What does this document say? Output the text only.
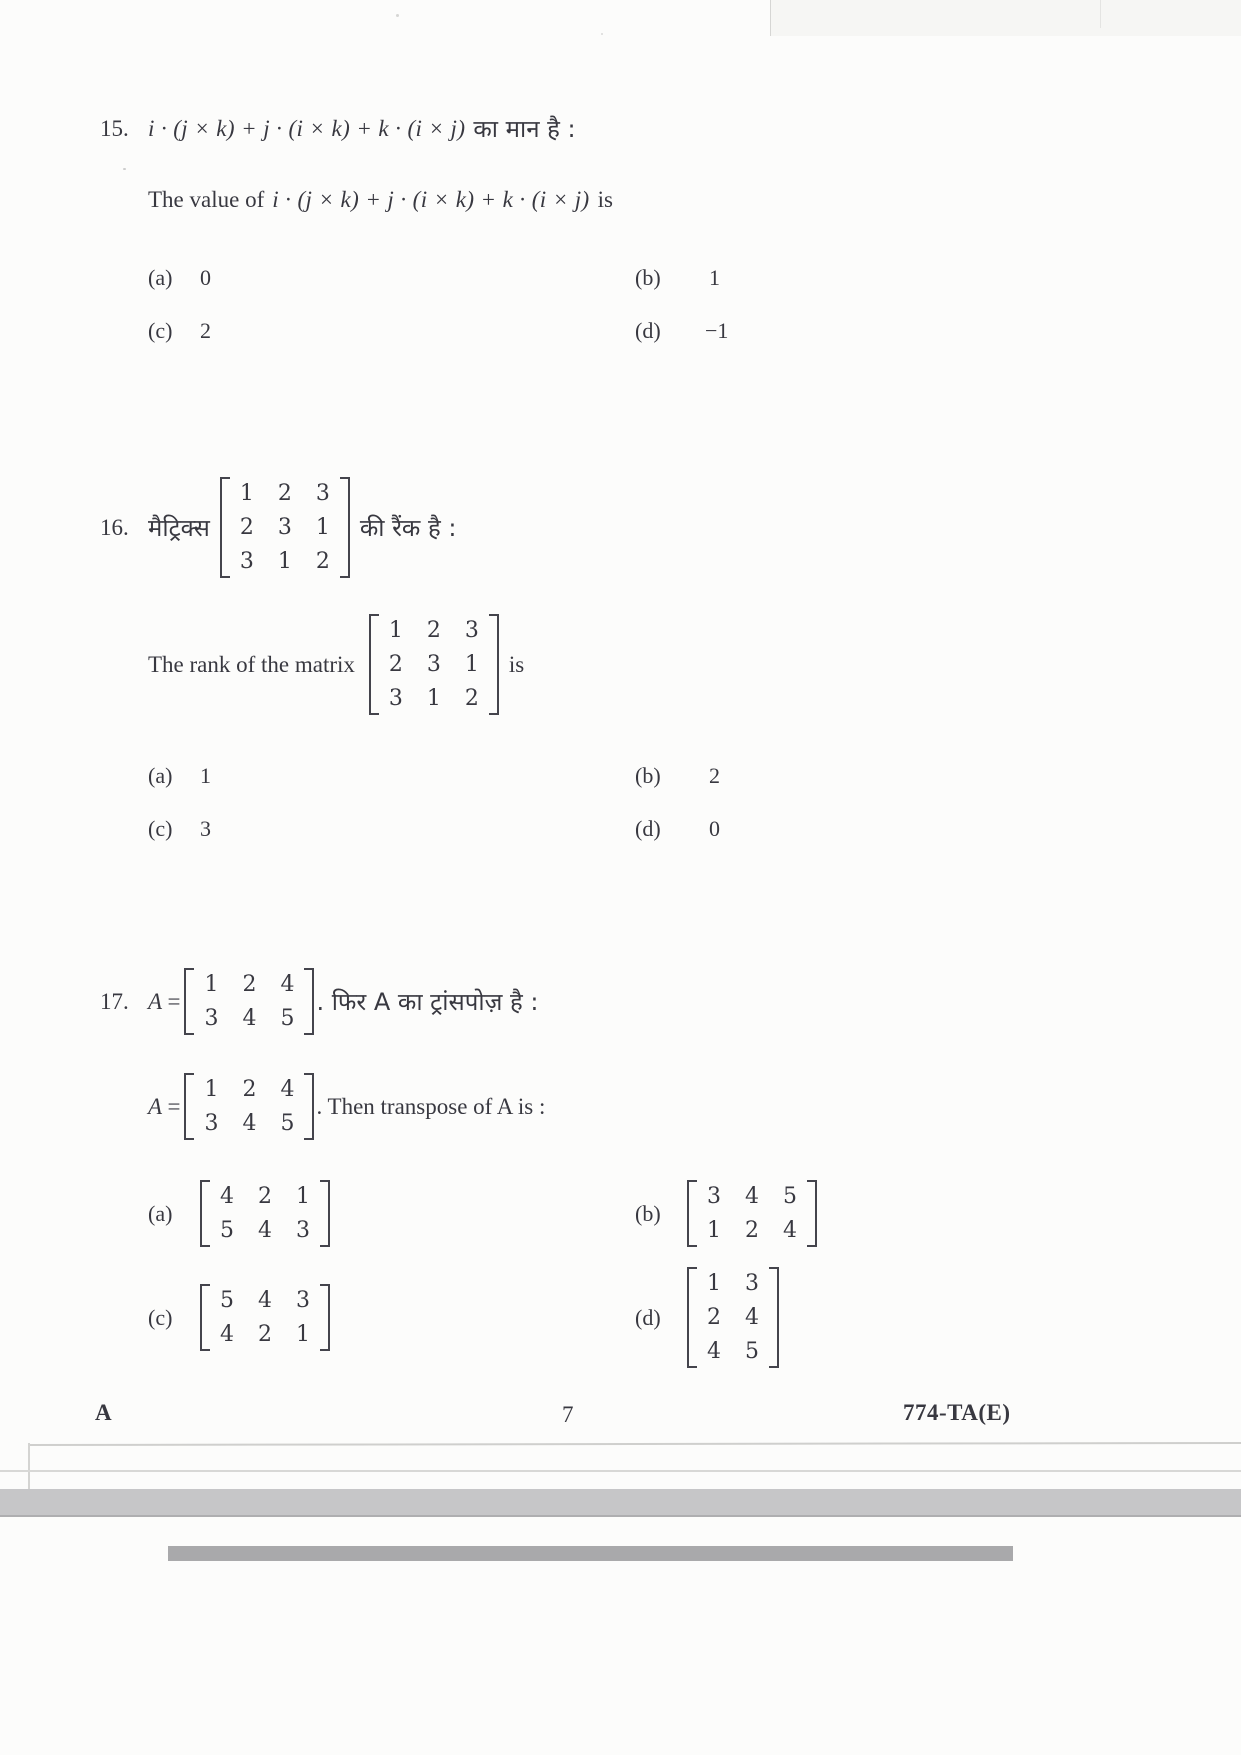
15. i · (j × k) + j · (i × k) + k · (i × j) का मान है :
The value of i · (j × k) + j · (i × k) + k · (i × j) is
(a)	0	(b)	1
(c)	2	(d)	−1
16. मैट्रिक्स
1 2 3
2 3 1
3 1 2
की रैंक है :
The rank of the matrix
1 2 3
2 3 1
3 1 2
is
(a)	1	(b)	2
(c)	3	(d)	0
17. A =
1 2 4
3 4 5
. फिर A का ट्रांसपोज़ है :
A =
1 2 4
3 4 5
. Then transpose of A is :
(a)
4 2 1
5 4 3
(b)
3 4 5
1 2 4
(c)
5 4 3
4 2 1
(d)
1 3
2 4
4 5
A	7	774-TA(E)
